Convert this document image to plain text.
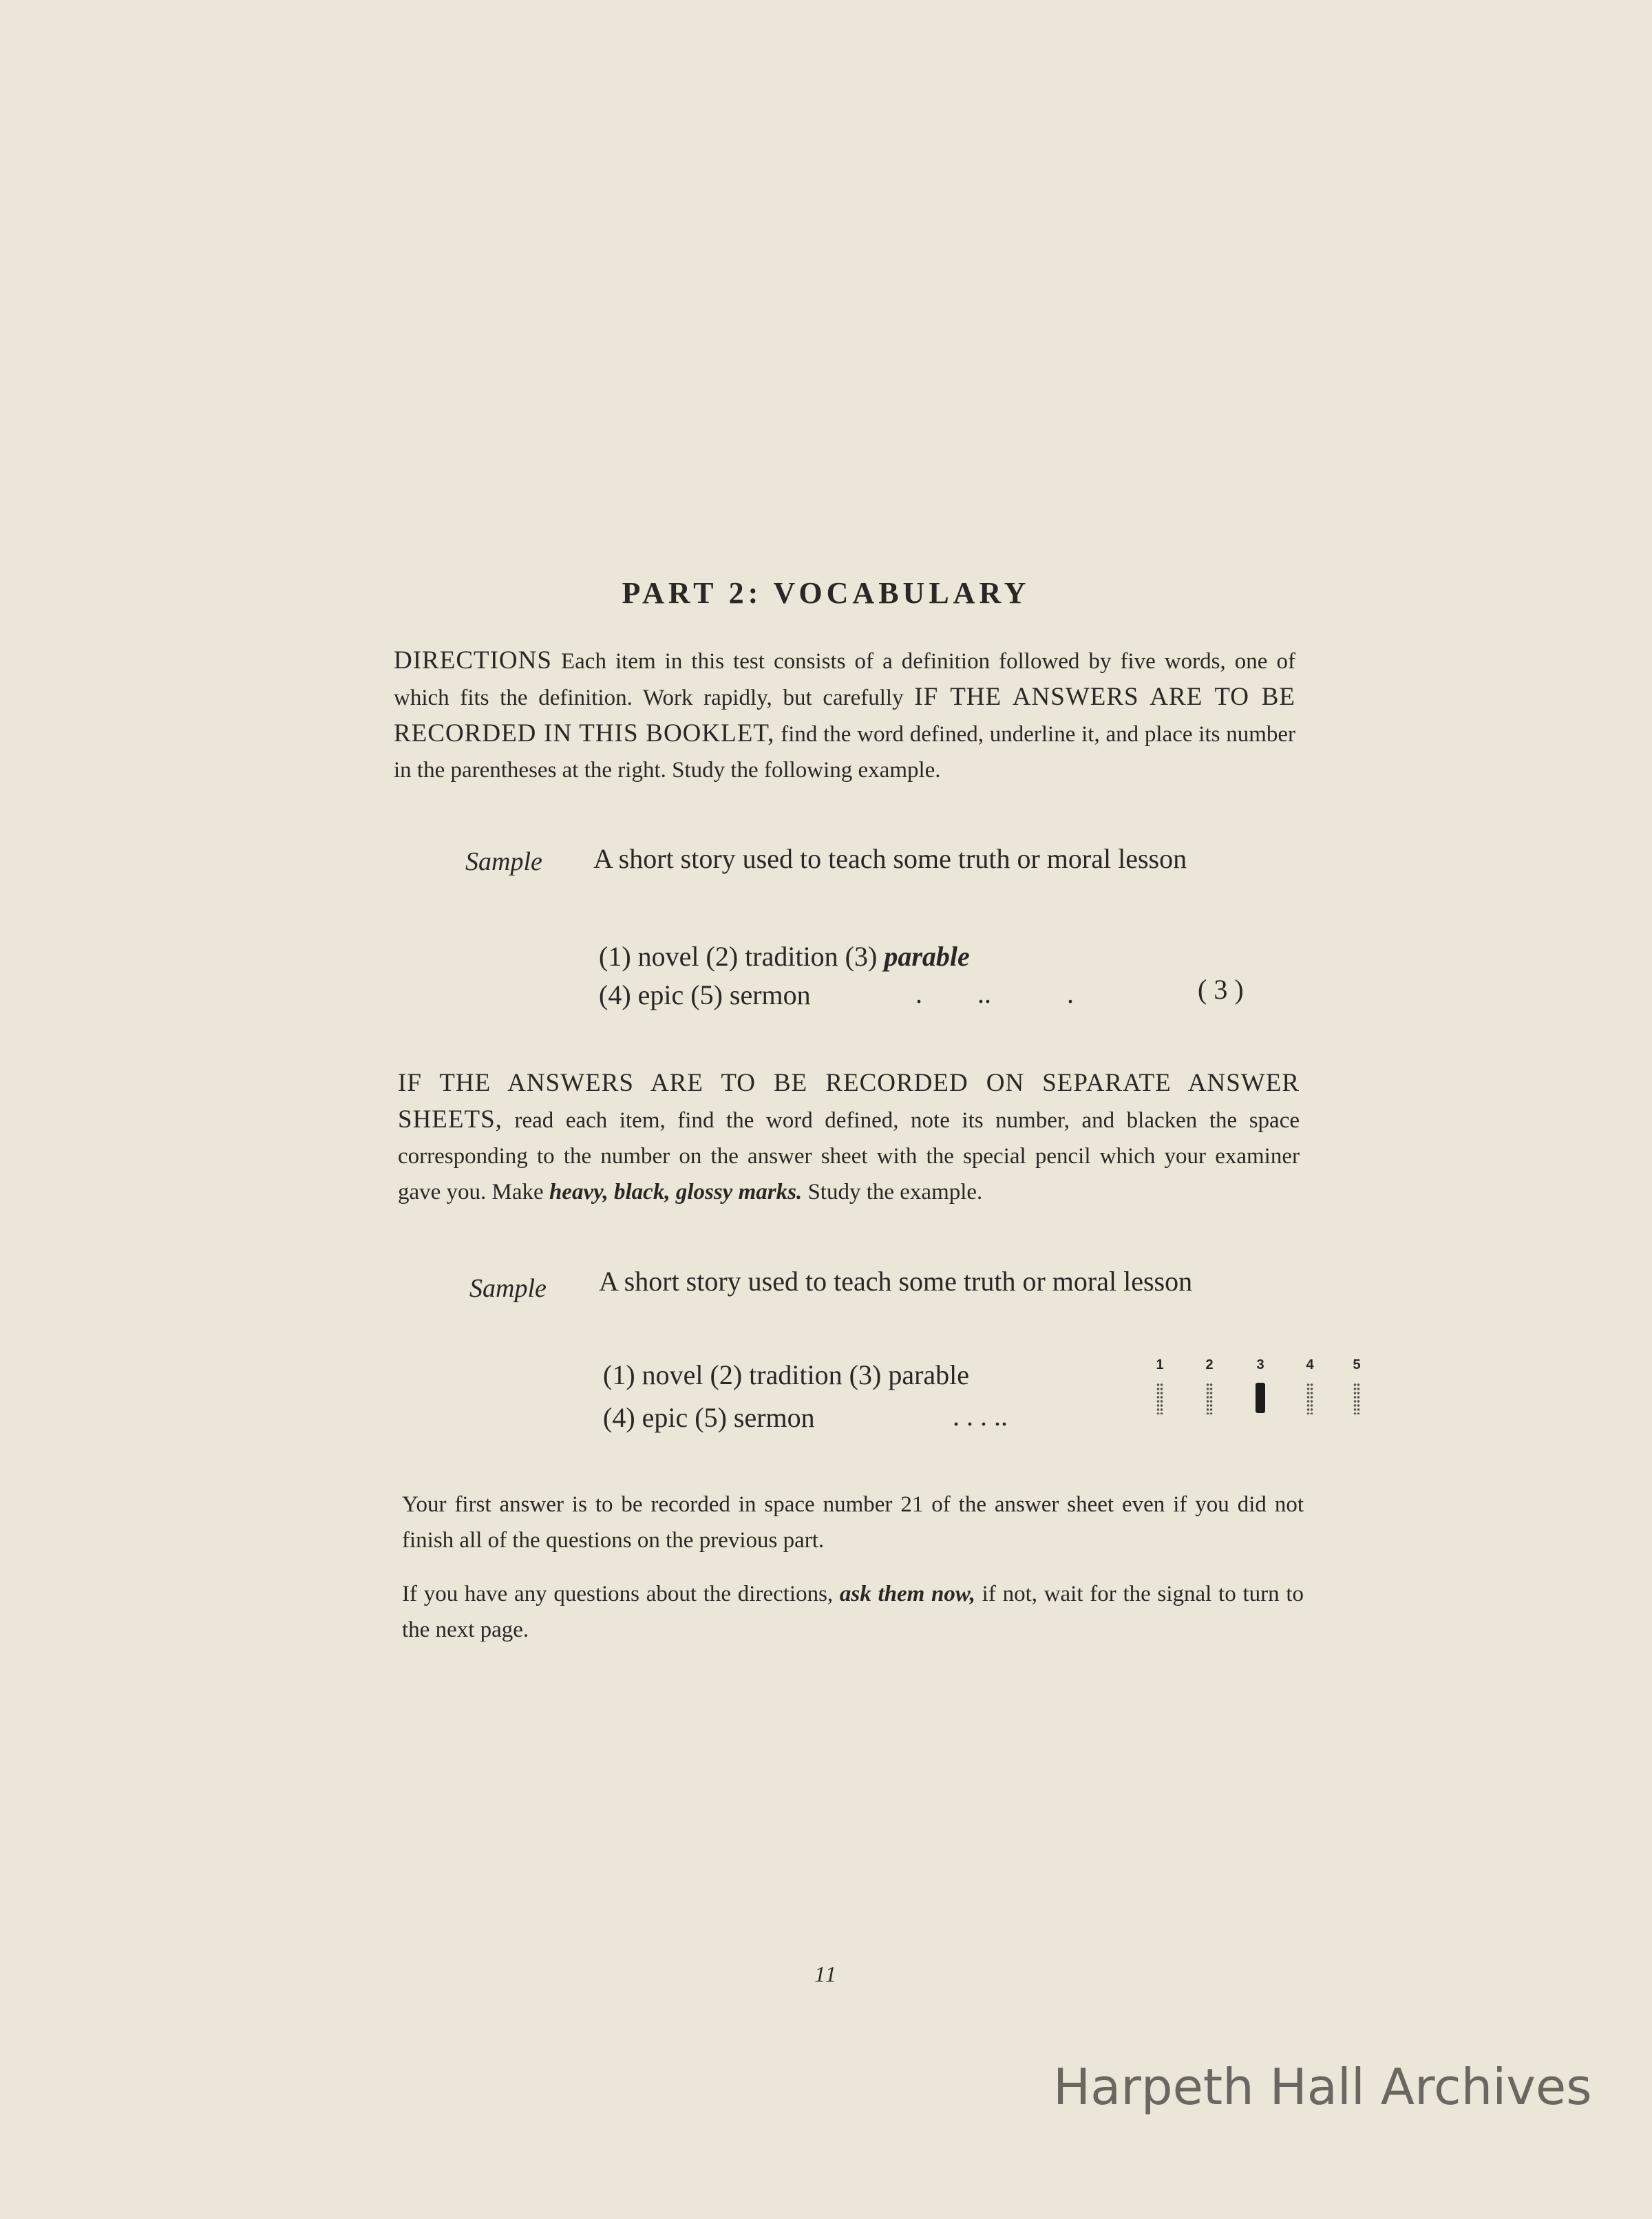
PART 2: VOCABULARY
DIRECTIONS Each item in this test consists of a definition followed by five words, one of which fits the definition. Work rapidly, but carefully IF THE ANSWERS ARE TO BE RECORDED IN THIS BOOKLET, find the word defined, underline it, and place its number in the parentheses at the right. Study the following example.
Sample A short story used to teach some truth or moral lesson
(1) novel (2) tradition (3) parable
(4) epic (5) sermon	.        ..           .	( 3 )
IF THE ANSWERS ARE TO BE RECORDED ON SEPARATE ANSWER SHEETS, read each item, find the word defined, note its number, and blacken the space corresponding to the number on the answer sheet with the special pencil which your examiner gave you. Make heavy, black, glossy marks. Study the example.
Sample A short story used to teach some truth or moral lesson
(1) novel (2) tradition (3) parable
(4) epic (5) sermon	. . . ..
1	2	3	4	5
Your first answer is to be recorded in space number 21 of the answer sheet even if you did not finish all of the questions on the previous part.
If you have any questions about the directions, ask them now, if not, wait for the signal to turn to the next page.
11
Harpeth Hall Archives
